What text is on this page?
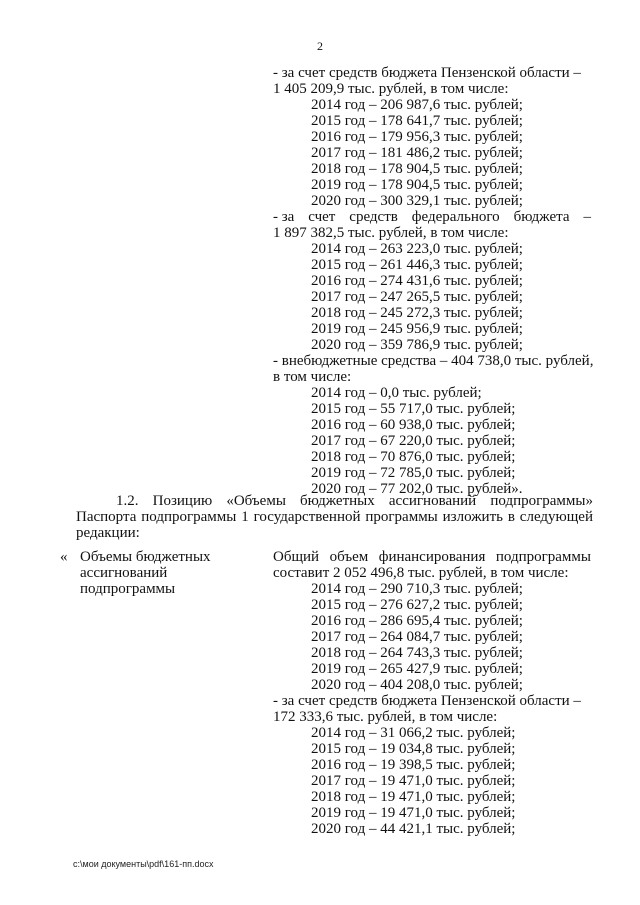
2
- за счет средств бюджета Пензенской области –
1 405 209,9 тыс. рублей, в том числе:
2014 год – 206 987,6 тыс. рублей;
2015 год – 178 641,7 тыс. рублей;
2016 год – 179 956,3 тыс. рублей;
2017 год – 181 486,2 тыс. рублей;
2018 год – 178 904,5 тыс. рублей;
2019 год – 178 904,5 тыс. рублей;
2020 год – 300 329,1 тыс. рублей;
- за счет средств федерального бюджета –
1 897 382,5 тыс. рублей, в том числе:
2014 год – 263 223,0 тыс. рублей;
2015 год – 261 446,3 тыс. рублей;
2016 год – 274 431,6 тыс. рублей;
2017 год – 247 265,5 тыс. рублей;
2018 год – 245 272,3 тыс. рублей;
2019 год – 245 956,9 тыс. рублей;
2020 год – 359 786,9 тыс. рублей;
- внебюджетные средства – 404 738,0 тыс. рублей,
в том числе:
2014 год – 0,0 тыс. рублей;
2015 год – 55 717,0 тыс. рублей;
2016 год – 60 938,0 тыс. рублей;
2017 год – 67 220,0 тыс. рублей;
2018 год – 70 876,0 тыс. рублей;
2019 год – 72 785,0 тыс. рублей;
2020 год – 77 202,0 тыс. рублей».
1.2. Позицию «Объемы бюджетных ассигнований подпрограммы»
Паспорта подпрограммы 1 государственной программы изложить в следующей
редакции:
« Объемы бюджетных
ассигнований
подпрограммы
Общий объем финансирования подпрограммы
составит 2 052 496,8 тыс. рублей, в том числе:
2014 год – 290 710,3 тыс. рублей;
2015 год – 276 627,2 тыс. рублей;
2016 год – 286 695,4 тыс. рублей;
2017 год – 264 084,7 тыс. рублей;
2018 год – 264 743,3 тыс. рублей;
2019 год – 265 427,9 тыс. рублей;
2020 год – 404 208,0 тыс. рублей;
- за счет средств бюджета Пензенской области –
172 333,6 тыс. рублей, в том числе:
2014 год – 31 066,2 тыс. рублей;
2015 год – 19 034,8 тыс. рублей;
2016 год – 19 398,5 тыс. рублей;
2017 год – 19 471,0 тыс. рублей;
2018 год – 19 471,0 тыс. рублей;
2019 год – 19 471,0 тыс. рублей;
2020 год – 44 421,1 тыс. рублей;
c:\мои документы\pdf\161-пп.docx
